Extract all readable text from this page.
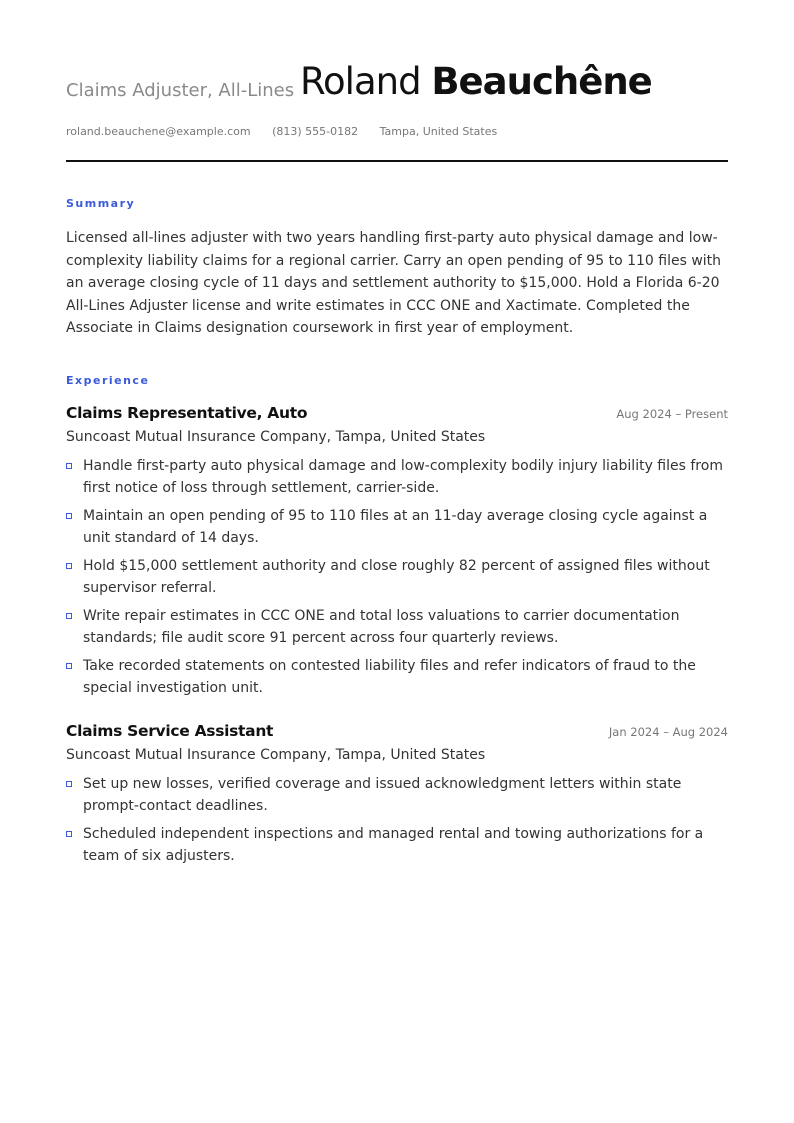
Claims Adjuster, All-Lines Roland Beauchêne
roland.beauchene@example.com (813) 555-0182 Tampa, United States
Summary
Licensed all-lines adjuster with two years handling first-party auto physical damage and low-complexity liability claims for a regional carrier. Carry an open pending of 95 to 110 files with an average closing cycle of 11 days and settlement authority to $15,000. Hold a Florida 6-20 All-Lines Adjuster license and write estimates in CCC ONE and Xactimate. Completed the Associate in Claims designation coursework in first year of employment.
Experience
Claims Representative, Auto	Aug 2024 – Present
Suncoast Mutual Insurance Company, Tampa, United States
Handle first-party auto physical damage and low-complexity bodily injury liability files from first notice of loss through settlement, carrier-side.
Maintain an open pending of 95 to 110 files at an 11-day average closing cycle against a unit standard of 14 days.
Hold $15,000 settlement authority and close roughly 82 percent of assigned files without supervisor referral.
Write repair estimates in CCC ONE and total loss valuations to carrier documentation standards; file audit score 91 percent across four quarterly reviews.
Take recorded statements on contested liability files and refer indicators of fraud to the special investigation unit.
Claims Service Assistant	Jan 2024 – Aug 2024
Suncoast Mutual Insurance Company, Tampa, United States
Set up new losses, verified coverage and issued acknowledgment letters within state prompt-contact deadlines.
Scheduled independent inspections and managed rental and towing authorizations for a team of six adjusters.
